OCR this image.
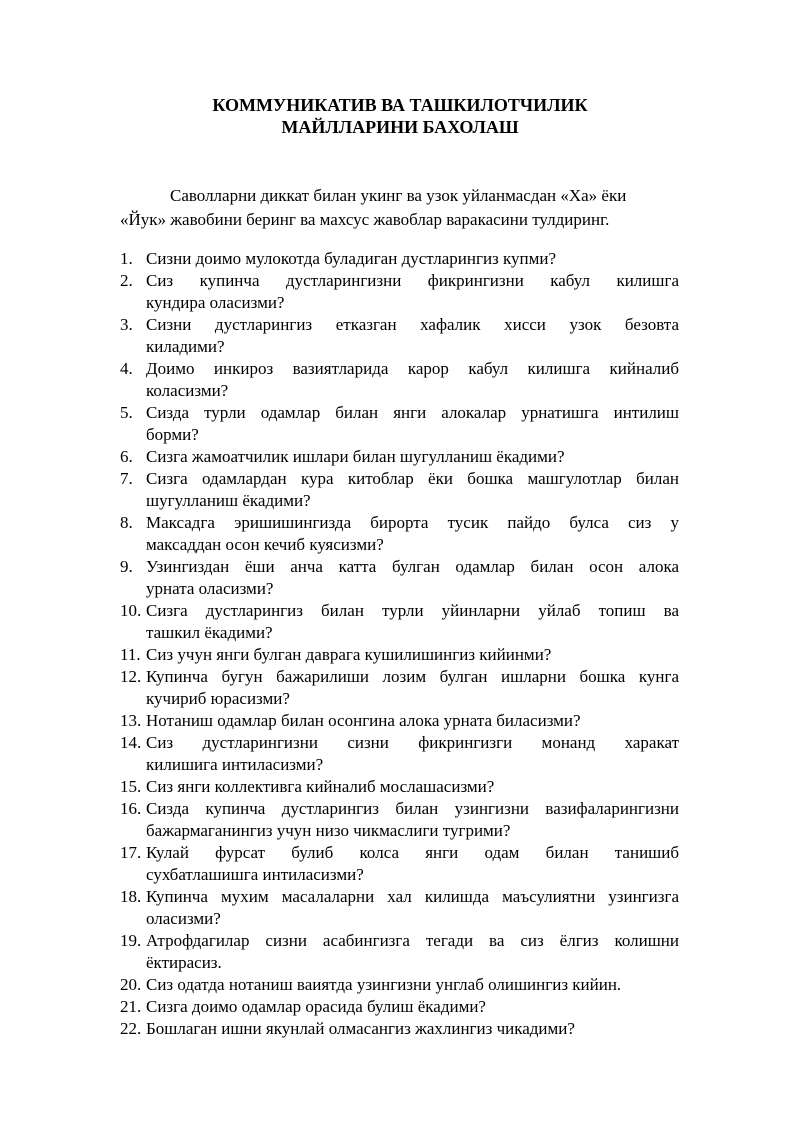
КОММУНИКАТИВ ВА ТАШКИЛОТЧИЛИК
МАЙЛЛАРИНИ БАХОЛАШ
Саволларни диккат билан укинг ва узок уйланмасдан «Ха» ёки
«Йук» жавобини беринг ва махсус жавоблар варакасини тулдиринг.
1. Сизни доимо мулокотда буладиган дустларингиз купми?
2. Сиз купинча дустларингизни фикрингизни кабул килишга
кундира оласизми?
3. Сизни дустларингиз етказган хафалик хисси узок безовта
киладими?
4. Доимо инкироз вазиятларида карор кабул килишга кийналиб
коласизми?
5. Сизда турли одамлар билан янги алокалар урнатишга интилиш
борми?
6. Сизга жамоатчилик ишлари билан шугулланиш ёкадими?
7. Сизга одамлардан кура китоблар ёки бошка машгулотлар билан
шугулланиш ёкадими?
8. Максадга эришишингизда бирорта тусик пайдо булса сиз у
максаддан осон кечиб куясизми?
9. Узингиздан ёши анча катта булган одамлар билан осон алока
урната оласизми?
10. Сизга дустларингиз билан турли уйинларни уйлаб топиш ва
ташкил ёкадими?
11. Сиз учун янги булган даврага кушилишингиз кийинми?
12. Купинча бугун бажарилиши лозим булган ишларни бошка кунга
кучириб юрасизми?
13. Нотаниш одамлар билан осонгина алока урната биласизми?
14. Сиз дустларингизни сизни фикрингизги монанд харакат
килишига интиласизми?
15. Сиз янги коллективга кийналиб мослашасизми?
16. Сизда купинча дустларингиз билан узингизни вазифаларингизни
бажармаганингиз учун низо чикмаслиги тугрими?
17. Кулай фурсат булиб колса янги одам билан танишиб
сухбатлашишга интиласизми?
18. Купинча мухим масалаларни хал килишда маъсулиятни узингизга
оласизми?
19. Атрофдагилар сизни асабингизга тегади ва сиз ёлгиз колишни
ёктирасиз.
20. Сиз одатда нотаниш ваиятда узингизни унглаб олишингиз кийин.
21. Сизга доимо одамлар орасида булиш ёкадими?
22. Бошлаган ишни якунлай олмасангиз жахлингиз чикадими?
